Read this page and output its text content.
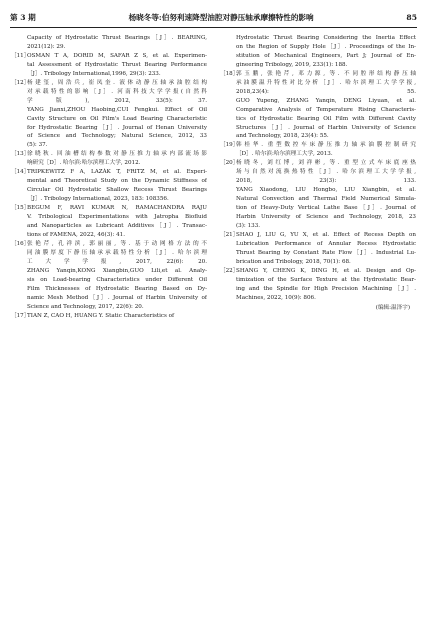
第 3 期	杨晓冬等:伯努利速降型油腔对静压轴承摩擦特性的影响	85
Capacity of Hydrostatic Thrust Bearings［J］. BEARING,
2021(12): 29.
［11］
OSMAN T A, DORID M, SAFAR Z S, et al. Experimen-
tal Assessment of Hydrostatic Thrust Bearing Performance
［J］. Tribology International,1996, 29(3): 233.
［12］
杨建玺, 周浩兵, 崔凤奎. 液体动静压轴承油腔结构
对承载特性的影响［J］. 河南科技大学学报(自然科
学版), 2012, 33(5): 37.
YANG Jianxi,ZHOU Haobing,CUI Fengkui. Effect of Oil
Cavity Structure on Oil Film's Load Bearing Characteristic
for Hydrostatic Bearing［J］. Journal of Henan University
of Science and Technology; Natural Science, 2012, 33
(5): 37.
［13］
徐晓秋. 回油槽结构参数对静压推力轴承内部流场影
响研究［D］. 哈尔滨:哈尔滨理工大学, 2012.
［14］
TRIPKEWITZ F A, LAZÁK T, FRITZ M, et al. Experi-
mental and Theoretical Study on the Dynamic Stiffness of
Circular Oil Hydrostatic Shallow Recess Thrust Bearings
［J］. Tribology International, 2023, 183: 108356.
［15］
BEGUM F, RAVI KUMAR N, RAMACHANDRA RAJU
V. Tribological Experimentations with Jatropha Biofluid
and Nanoparticles as Lubricant Additives［J］. Transac-
tions of FAMENA, 2022, 46(3): 41.
［16］
张艳芹, 孔祥滨, 郭丽丽, 等. 基于动网格方法的不
同油膜厚度下静压轴承承载特性分析［J］. 哈尔滨理
工大学学报, 2017, 22(6): 20.
ZHANG Yanqin,KONG Xiangbin,GUO Lili,et al. Analy-
sis on Load-bearing Characteristics under Different Oil
Film Thicknesses of Hydrostatic Bearing Based on Dy-
namic Mesh Method［J］. Journal of Harbin University of
Science and Technology, 2017, 22(6): 20.
［17］
TIAN Z, CAO H, HUANG Y. Static Characteristics of
Hydrostatic Thrust Bearing Considering the Inertia Effect
on the Region of Supply Hole［J］. Proceedings of the In-
stitution of Mechanical Engineers, Part J; Journal of En-
gineering Tribology, 2019, 233(1): 188.
［18］
郭玉鹏, 张艳芹, 邓力源, 等. 不同腔形结构静压轴
承油膜温升特性对比分析［J］. 哈尔滨理工大学学报,
2018,23(4): 55.
GUO Yupeng, ZHANG Yanqin, DENG Liyuan, et al.
Comparative Analysis of Temperature Rising Characteris-
tics of Hydrostatic Bearing Oil Film with Different Cavity
Structures［J］. Journal of Harbin University of Science
and Technology, 2018, 23(4): 55.
［19］
韩桂华. 重型数控车床静压推力轴承油膜控制研究
［D］. 哈尔滨:哈尔滨理工大学, 2013.
［20］
杨晓冬, 刘红博, 刘祥彬, 等. 重型立式车床底座热
场与自然对流换热特性［J］. 哈尔滨理工大学学报,
2018, 23(3): 133.
YANG Xiaodong, LIU Hongbo, LIU Xiangbin, et al.
Natural Convection and Thermal Field Numerical Simula-
tion of Heavy-Duty Vertical Lathe Base［J］. Journal of
Harbin University of Science and Technology, 2018, 23
(3): 133.
［21］
SHAO J, LIU G, YU X, et al. Effect of Recess Depth on
Lubrication Performance of Annular Recess Hydrostatic
Thrust Bearing by Constant Rate Flow［J］. Industrial Lu-
brication and Tribology, 2018, 70(1): 68.
［22］
SHANG Y, CHENG K, DING H, et al. Design and Op-
timization of the Surface Texture at the Hydrostatic Bear-
ing and the Spindle for High Precision Machining［J］.
Machines, 2022, 10(9): 806.
(编辑:温泽宇)
